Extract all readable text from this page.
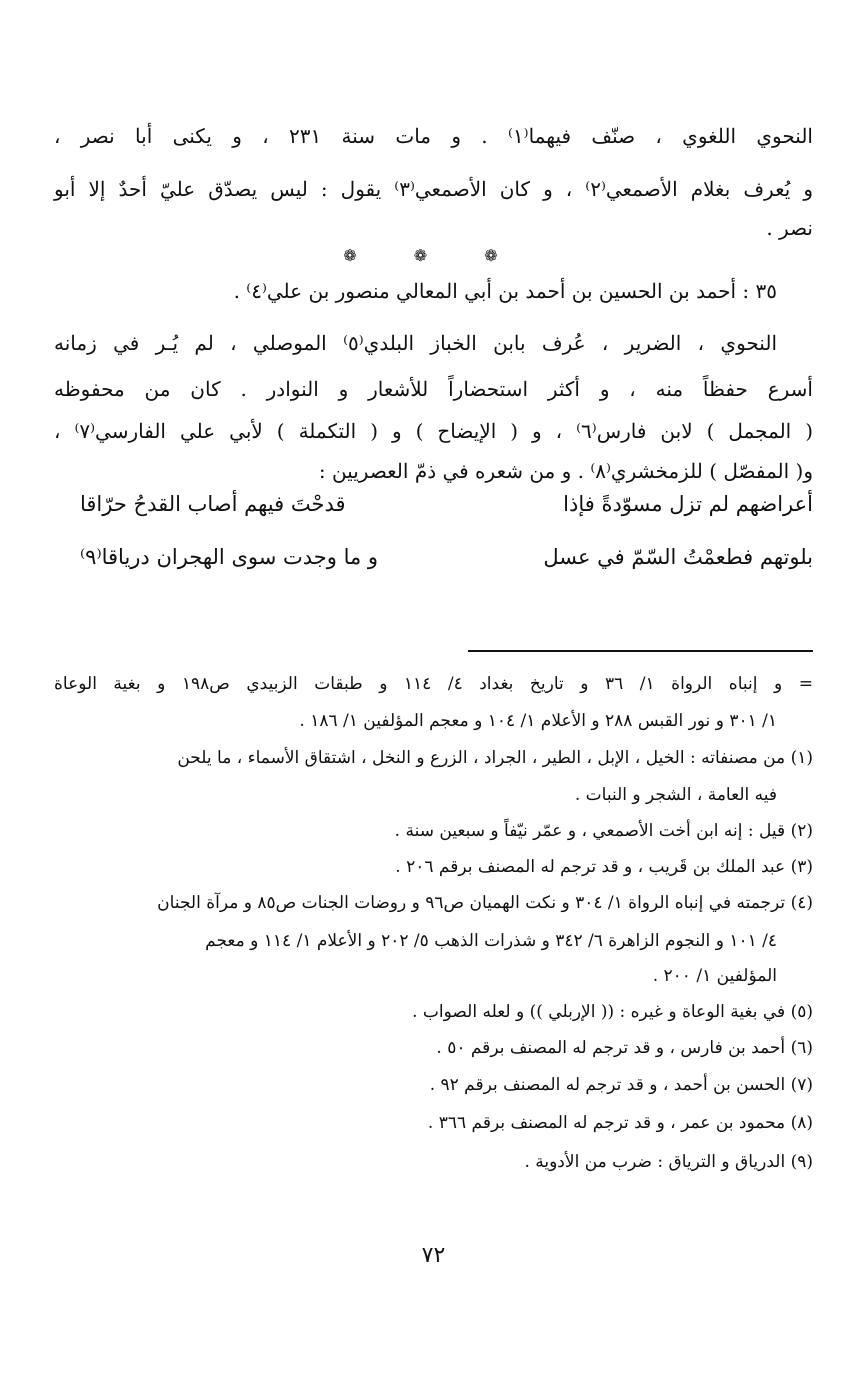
النحوي اللغوي ، صنّف فيهما⁽١⁾ . و مات سنة ٢٣١ ، و يكنى أبا نصر ،
و يُعرف بغلام الأصمعي⁽٢⁾ ، و كان الأصمعي⁽٣⁾ يقول : ليس يصدّق عليّ أحدٌ إلا أبو
نصر .
❁ ❁ ❁
٣٥ : أحمد بن الحسين بن أحمد بن أبي المعالي منصور بن علي⁽٤⁾ .
النحوي ، الضرير ، عُرف بابن الخباز البلدي⁽٥⁾ الموصلي ، لم يُـر في زمانه
أسرع حفظاً منه ، و أكثر استحضاراً للأشعار و النوادر . كان من محفوظه
( المجمل ) لابن فارس⁽٦⁾ ، و ( الإيضاح ) و ( التكملة ) لأبي علي الفارسي⁽٧⁾ ،
و( المفصّل ) للزمخشري⁽٨⁾ . و من شعره في ذمّ العصريين :
أعراضهم لم تزل مسوّدةً فإذا
قدحْتَ فيهم أصاب القدحُ حرّاقا
بلوتهم فطعمْتُ السّمّ في عسل
و ما وجدت سوى الهجران درياقا⁽٩⁾
= و إنباه الرواة ١/ ٣٦ و تاريخ بغداد ٤/ ١١٤ و طبقات الزبيدي ص١٩٨ و بغية الوعاة
١/ ٣٠١ و نور القبس ٢٨٨ و الأعلام ١/ ١٠٤ و معجم المؤلفين ١/ ١٨٦ .
(١) من مصنفاته : الخيل ، الإبل ، الطير ، الجراد ، الزرع و النخل ، اشتقاق الأسماء ، ما يلحن
فيه العامة ، الشجر و النبات .
(٢) قيل : إنه ابن أخت الأصمعي ، و عمّر نيّفاً و سبعين سنة .
(٣) عبد الملك بن قَريب ، و قد ترجم له المصنف برقم ٢٠٦ .
(٤) ترجمته في إنباه الرواة ١/ ٣٠٤ و نكت الهميان ص٩٦ و روضات الجنات ص٨٥ و مرآة الجنان
٤/ ١٠١ و النجوم الزاهرة ٦/ ٣٤٢ و شذرات الذهب ٥/ ٢٠٢ و الأعلام ١/ ١١٤ و معجم
المؤلفين ١/ ٢٠٠ .
(٥) في بغية الوعاة و غيره : (( الإربلي )) و لعله الصواب .
(٦) أحمد بن فارس ، و قد ترجم له المصنف برقم ٥٠ .
(٧) الحسن بن أحمد ، و قد ترجم له المصنف برقم ٩٢ .
(٨) محمود بن عمر ، و قد ترجم له المصنف برقم ٣٦٦ .
(٩) الدرياق و الترياق : ضرب من الأدوية .
٧٢
